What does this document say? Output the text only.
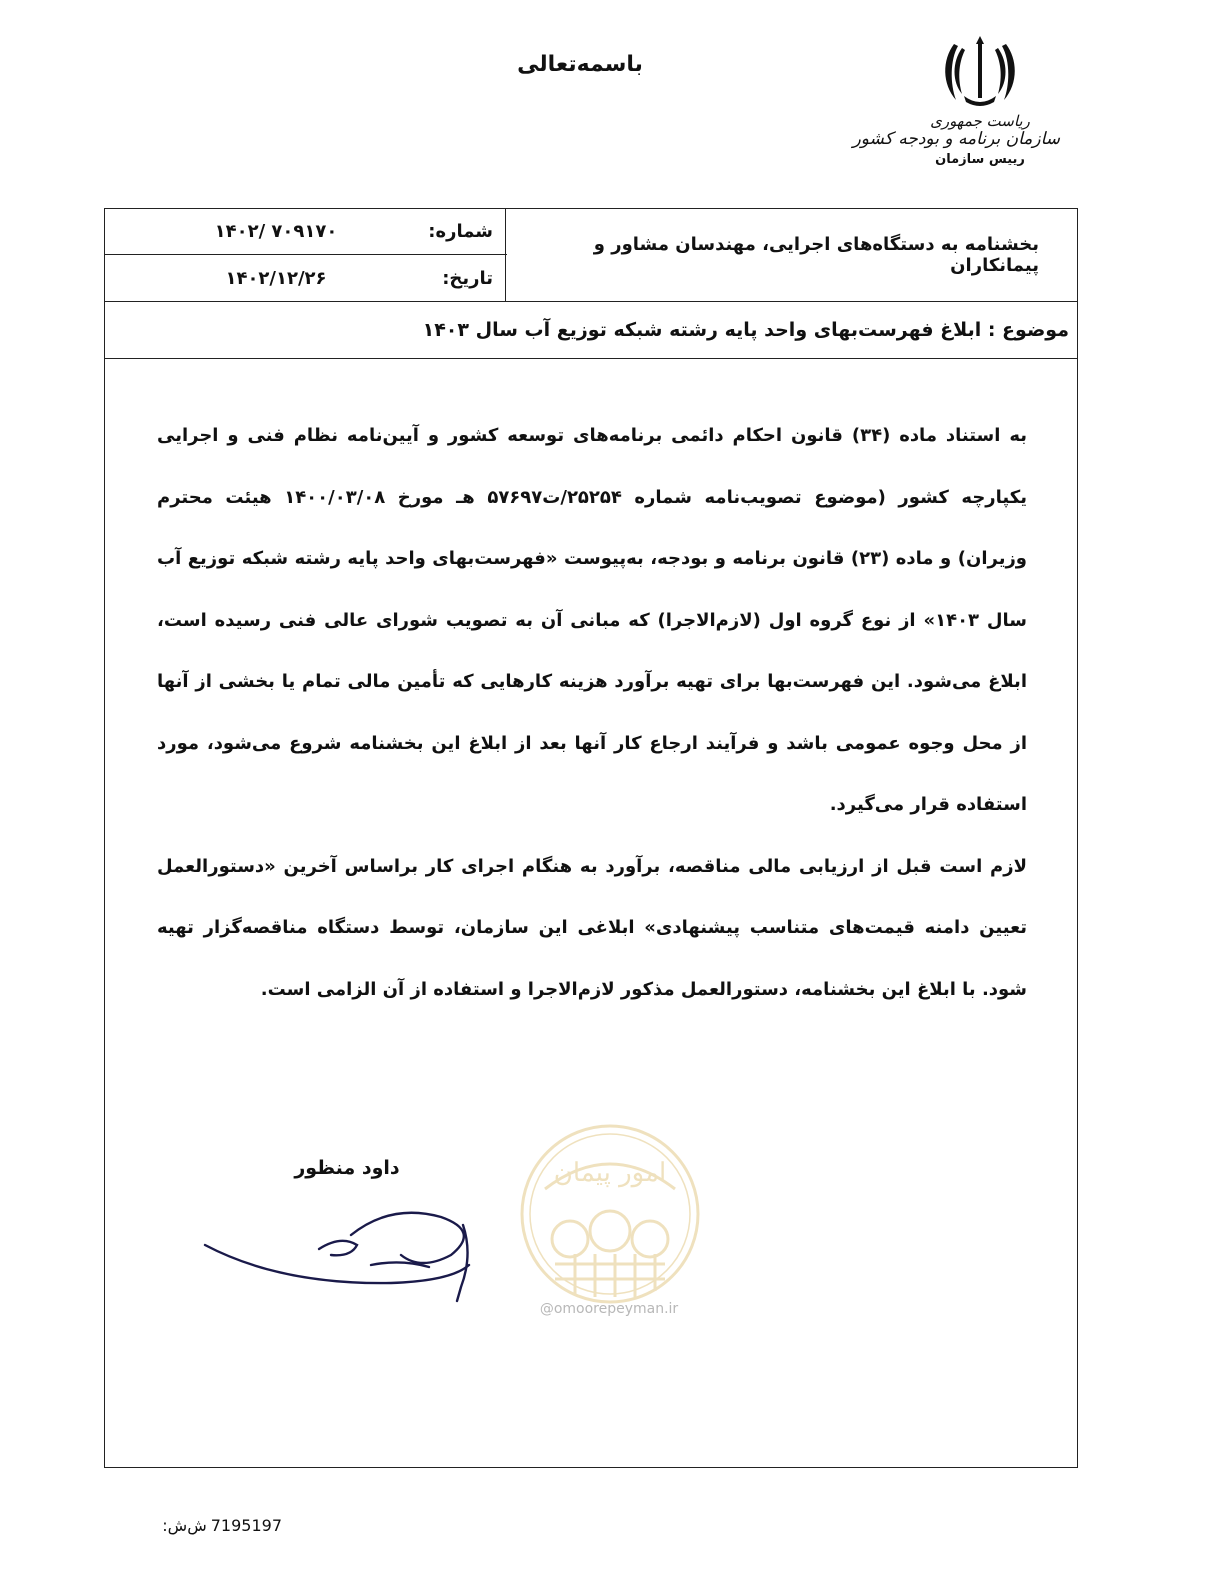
باسمه‌تعالی
ریاست جمهوری
سازمان برنامه و بودجه کشور
رییس سازمان
بخشنامه به دستگاه‌های اجرایی، مهندسان مشاور و پیمانکاران
شماره:
۱۴۰۲/ ۷۰۹۱۷۰
تاریخ:
۱۴۰۲/۱۲/۲۶
موضوع : ابلاغ فهرست‌بهای واحد پایه رشته شبکه توزیع آب سال ۱۴۰۳

به استناد ماده (۳۴) قانون احکام دائمی برنامه‌های توسعه کشور و آیین‌نامه نظام فنی و اجرایی یکپارچه کشور (موضوع تصویب‌نامه شماره ۲۵۲۵۴/ت۵۷۶۹۷ هـ مورخ ۱۴۰۰/۰۳/۰۸ هیئت محترم وزیران) و ماده (۲۳) قانون برنامه و بودجه، به‌پیوست «فهرست‌بهای واحد پایه رشته شبکه توزیع آب سال ۱۴۰۳» از نوع گروه اول (لازم‌الاجرا) که مبانی آن به تصویب شورای عالی فنی رسیده است، ابلاغ می‌شود. این فهرست‌بها برای تهیه برآورد هزینه کارهایی که تأمین مالی تمام یا بخشی از آنها از محل وجوه عمومی باشد و فرآیند ارجاع کار آنها بعد از ابلاغ این بخشنامه شروع می‌شود، مورد استفاده قرار می‌گیرد.

لازم است قبل از ارزیابی مالی مناقصه، برآورد به هنگام اجرای کار براساس آخرین «دستورالعمل تعیین دامنه قیمت‌های متناسب پیشنهادی» ابلاغی این سازمان، توسط دستگاه مناقصه‌گزار تهیه شود. با ابلاغ این بخشنامه، دستورالعمل مذکور لازم‌الاجرا و استفاده از آن الزامی است.

امور پیمان
@omoorepeyman.ir
داود منظور
ش‌ش: 7195197
